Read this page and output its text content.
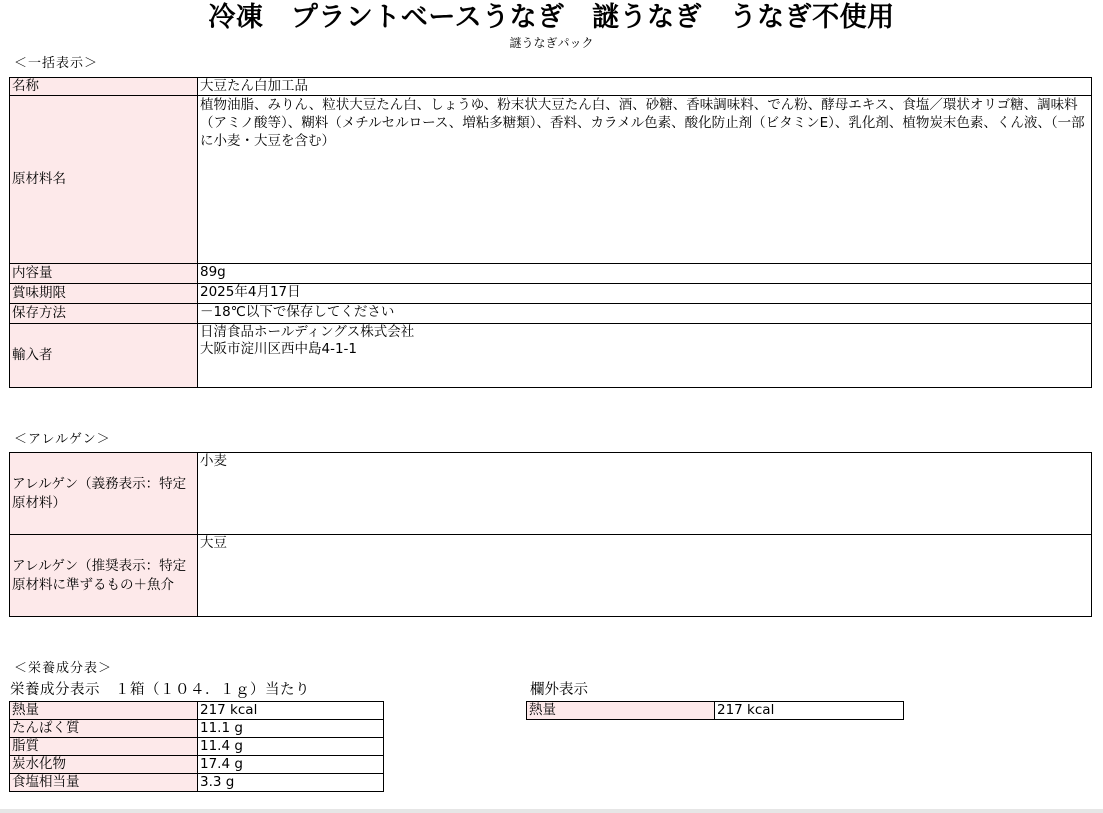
冷凍　プラントベースうなぎ　謎うなぎ　うなぎ不使用
謎うなぎパック
＜一括表示＞
名称	大豆たん白加工品
原材料名	植物油脂、みりん、粒状大豆たん白、しょうゆ、粉末状大豆たん白、酒、砂糖、香味調味料、でん粉、酵母エキス、食塩／環状オリゴ糖、調味料（アミノ酸等）、糊料（メチルセルロース、増粘多糖類）、香料、カラメル色素、酸化防止剤（ビタミンE）、乳化剤、植物炭末色素、くん液、（一部に小麦・大豆を含む）
内容量	89g
賞味期限	2025年4月17日
保存方法	－18℃以下で保存してください
輸入者	日清食品ホールディングス株式会社
大阪市淀川区西中島4-1-1
＜アレルゲン＞
アレルゲン（義務表示：特定原材料）	小麦
アレルゲン（推奨表示：特定原材料に準ずるもの＋魚介	大豆
＜栄養成分表＞
栄養成分表示　１箱（１０４．１ｇ）当たり
熱量	217 kcal
たんぱく質	11.1 g
脂質	11.4 g
炭水化物	17.4 g
食塩相当量	3.3 g
欄外表示
熱量	217 kcal
